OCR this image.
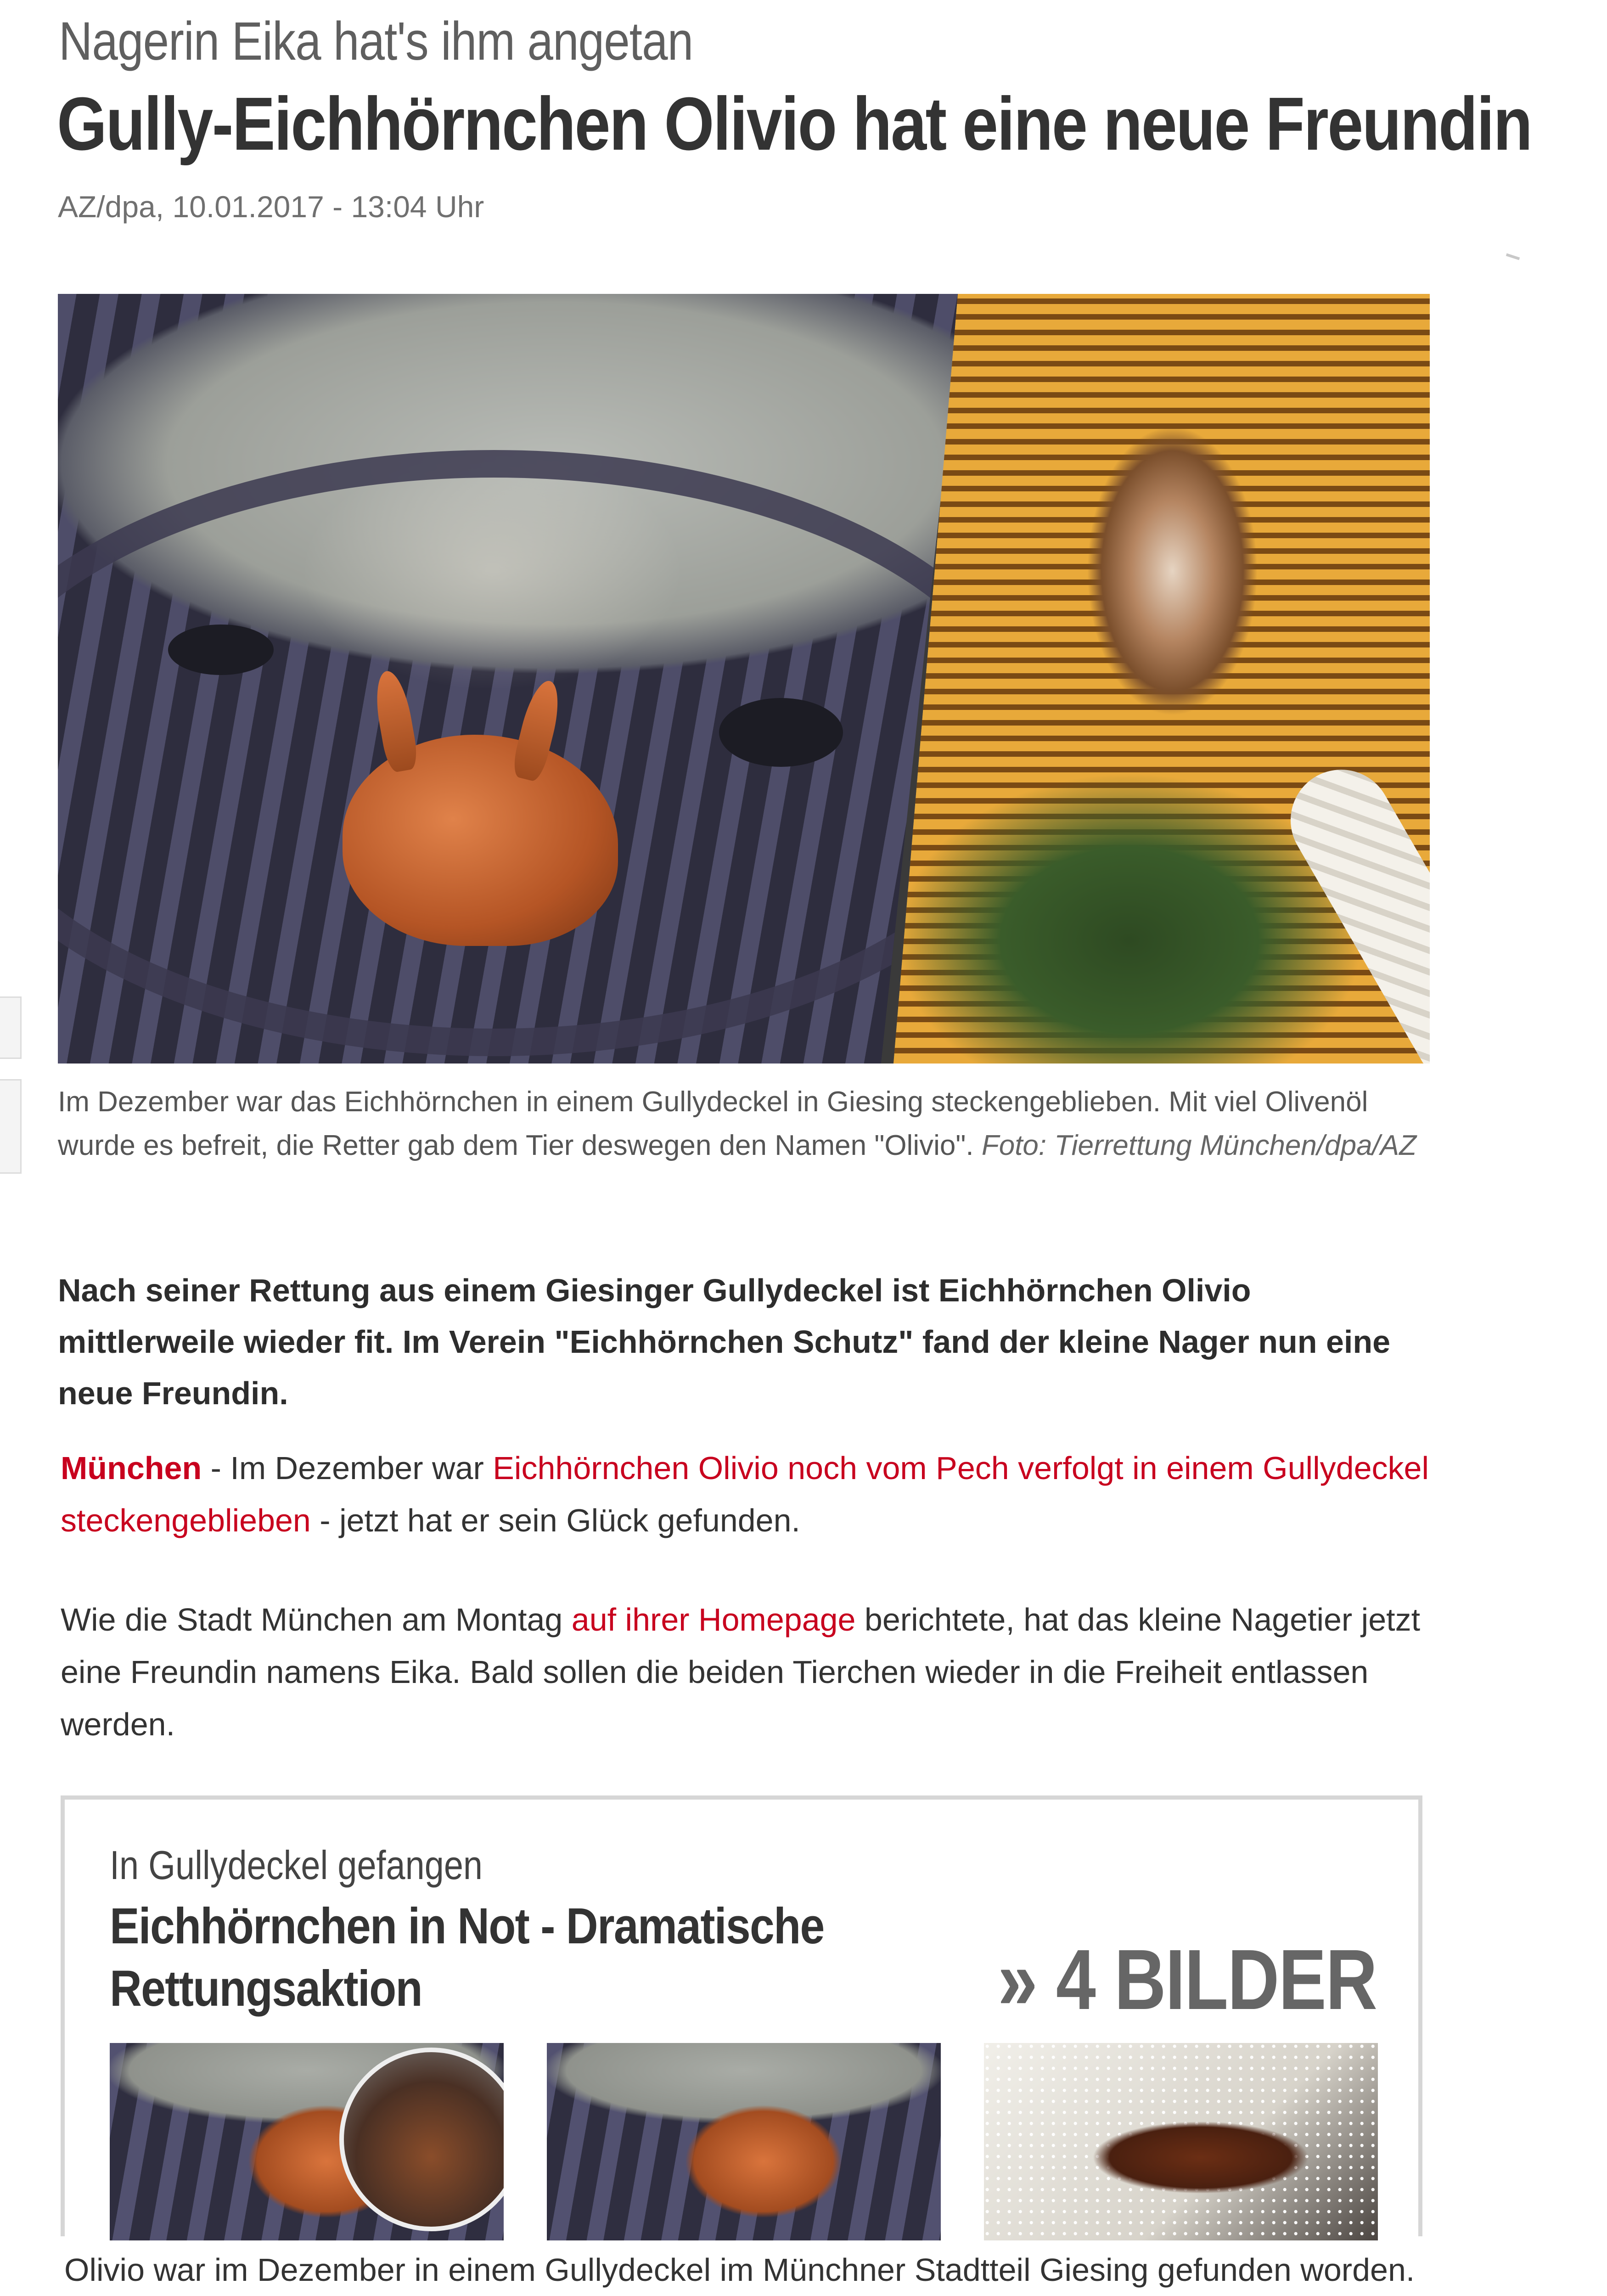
Nagerin Eika hat's ihm angetan
Gully-Eichhörnchen Olivio hat eine neue Freundin
AZ/dpa, 10.01.2017 - 13:04 Uhr
Im Dezember war das Eichhörnchen in einem Gullydeckel in Giesing steckengeblieben. Mit viel Olivenöl wurde es befreit, die Retter gab dem Tier deswegen den Namen "Olivio". Foto: Tierrettung München/dpa/AZ
Nach seiner Rettung aus einem Giesinger Gullydeckel ist Eichhörnchen Olivio mittlerweile wieder fit. Im Verein "Eichhörnchen Schutz" fand der kleine Nager nun eine neue Freundin.
München - Im Dezember war Eichhörnchen Olivio noch vom Pech verfolgt in einem Gullydeckel steckengeblieben - jetzt hat er sein Glück gefunden.
Wie die Stadt München am Montag auf ihrer Homepage berichtete, hat das kleine Nagetier jetzt eine Freundin namens Eika. Bald sollen die beiden Tierchen wieder in die Freiheit entlassen werden.
In Gullydeckel gefangen
Eichhörnchen in Not - Dramatische Rettungsaktion	» 4 BILDER
Olivio war im Dezember in einem Gullydeckel im Münchner Stadtteil Giesing gefunden worden.
